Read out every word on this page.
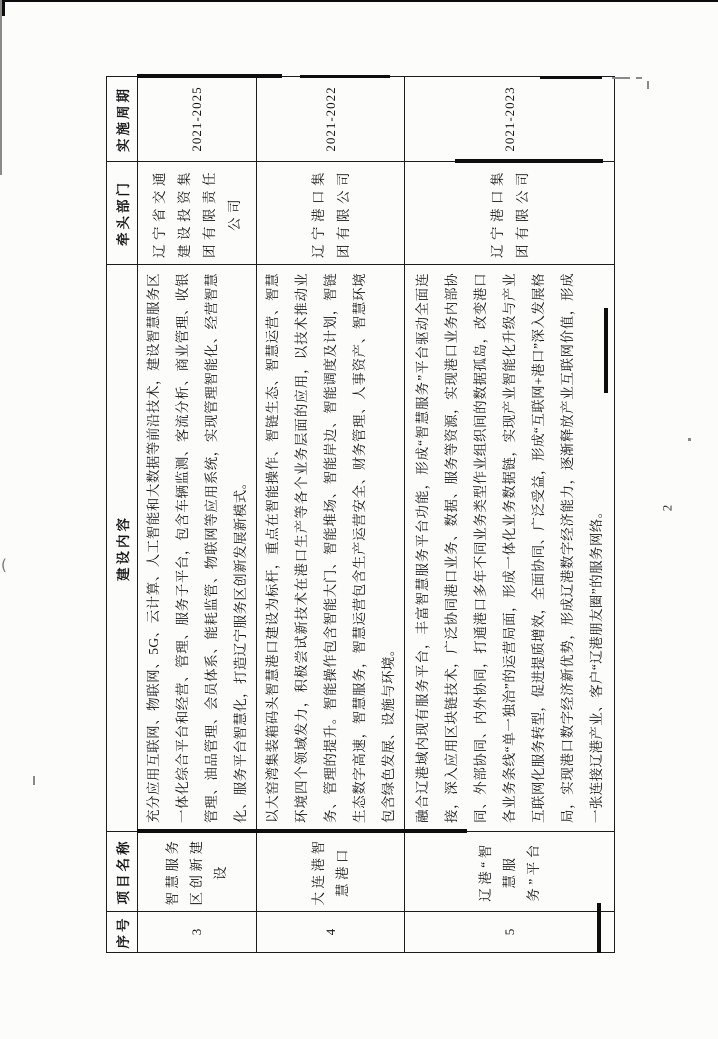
(
序号	项目名称	建设内容	牵头部门	实施周期
3	智慧服务区创新建设	充分应用互联网、物联网、5G、云计算、人工智能和大数据等前沿技术，建设智慧服务区一体化综合平台和经营、管理、服务子平台，包含车辆监测、客流分析、商业管理、收银管理、油品管理、会员体系、能耗监管、物联网等应用系统，实现管理智能化、经营智慧化、服务平台智慧化，打造辽宁服务区创新发展新模式。	辽宁省交通建设投资集团有限责任公司	2021-2025
4	大连港智慧港口	以大窑湾集装箱码头智慧港口建设为标杆，重点在智能操作、智链生态、智慧运营、智慧环境四个领域发力，积极尝试新技术在港口生产等各个业务层面的应用，以技术推动业务、管理的提升。智能操作包含智能大门、智能堆场、智能岸边、智能调度及计划，智链生态数字高速，智慧服务，智慧运营包含生产运营安全、财务管理、人事资产、智慧环境包含绿色发展、设施与环境。	辽宁港口集团有限公司	2021-2022
5	辽港“智慧服务”平台	融合辽港域内现有服务平台，丰富智慧服务平台功能，形成“智慧服务”平台驱动全面连接，深入应用区块链技术，广泛协同港口业务、数据、服务等资源，实现港口业务内部协同、外部协同、内外协同，打通港口多年不同业务类型作业组织间的数据孤岛，改变港口各业务条线“单一独治”的运营局面，形成一体化业务数据链，实现产业智能化升级与产业互联网化服务转型，促进提质增效，全面协同、广泛受益，形成“互联网+港口”深入发展格局，实现港口数字经济新优势，形成辽港数字经济能力，逐渐释放产业互联网价值，形成一张连接辽港产业、客户“辽港朋友圈”的服务网络。	辽宁港口集团有限公司	2021-2023
2
